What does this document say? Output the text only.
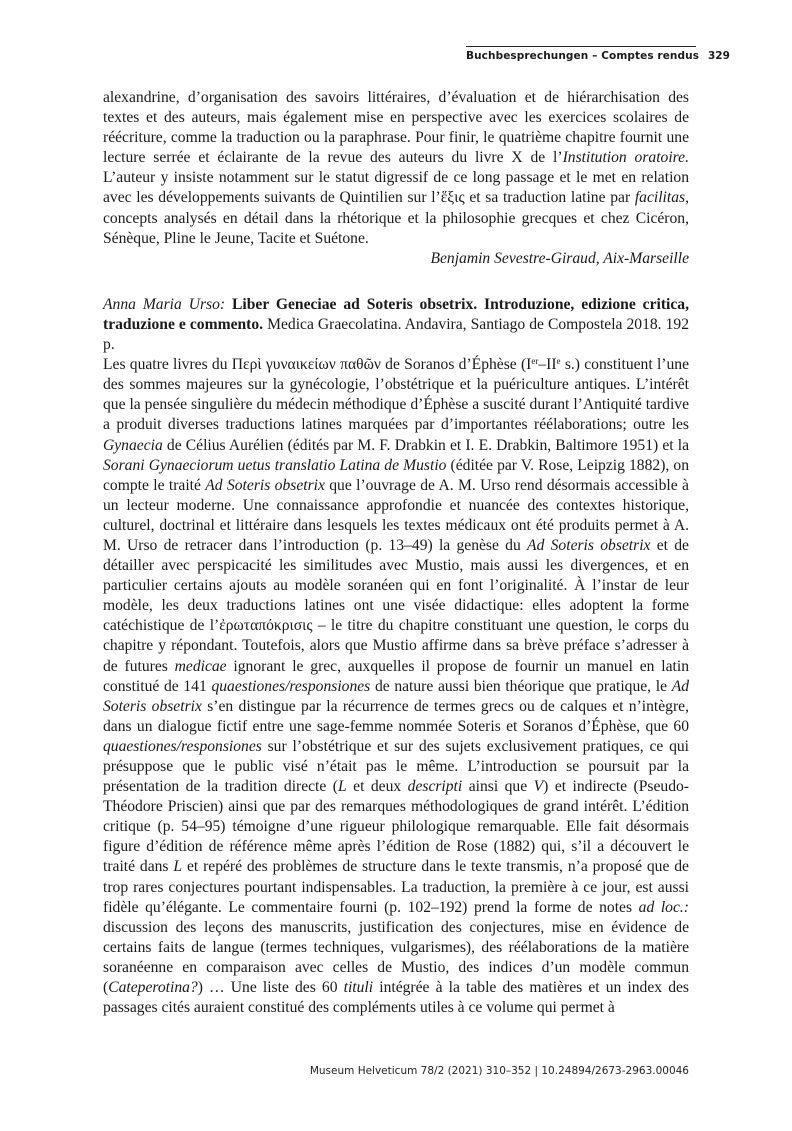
Buchbesprechungen – Comptes rendus 329

alexandrine, d’organisation des savoirs littéraires, d’évaluation et de hiérarchisation des textes et des auteurs, mais également mise en perspective avec les exercices scolaires de réécriture, comme la traduction ou la paraphrase. Pour finir, le quatrième chapitre fournit une lecture serrée et éclairante de la revue des auteurs du livre X de l’Institution oratoire. L’auteur y insiste notamment sur le statut digressif de ce long passage et le met en relation avec les développements suivants de Quintilien sur l’ἕξις et sa traduction latine par facilitas, concepts analysés en détail dans la rhétorique et la philosophie grecques et chez Cicéron, Sénèque, Pline le Jeune, Tacite et Suétone.

Benjamin Sevestre-Giraud, Aix-Marseille

Anna Maria Urso: Liber Geneciae ad Soteris obsetrix. Introduzione, edizione critica, traduzione e commento. Medica Graecolatina. Andavira, Santiago de Compostela 2018. 192 p.

Les quatre livres du Περὶ γυναικείων παθῶν de Soranos d’Éphèse (Ier–IIe s.) constituent l’une des sommes majeures sur la gynécologie, l’obstétrique et la puériculture antiques. L’intérêt que la pensée singulière du médecin méthodique d’Éphèse a suscité durant l’Antiquité tardive a produit diverses traductions latines marquées par d’importantes réélaborations; outre les Gynaecia de Célius Aurélien (édités par M. F. Drabkin et I. E. Drabkin, Baltimore 1951) et la Sorani Gynaeciorum uetus translatio Latina de Mustio (éditée par V. Rose, Leipzig 1882), on compte le traité Ad Soteris obsetrix que l’ouvrage de A. M. Urso rend désormais accessible à un lecteur moderne. Une connaissance approfondie et nuancée des contextes historique, culturel, doctrinal et littéraire dans lesquels les textes médicaux ont été produits permet à A. M. Urso de retracer dans l’introduction (p. 13–49) la genèse du Ad Soteris obsetrix et de détailler avec perspicacité les similitudes avec Mustio, mais aussi les divergences, et en particulier certains ajouts au modèle soranéen qui en font l’originalité. À l’instar de leur modèle, les deux traductions latines ont une visée didactique: elles adoptent la forme catéchistique de l’ἐρωταπόκρισις – le titre du chapitre constituant une question, le corps du chapitre y répondant. Toutefois, alors que Mustio affirme dans sa brève préface s’adresser à de futures medicae ignorant le grec, auxquelles il propose de fournir un manuel en latin constitué de 141 quaestiones/responsiones de nature aussi bien théorique que pratique, le Ad Soteris obsetrix s’en distingue par la récurrence de termes grecs ou de calques et n’intègre, dans un dialogue fictif entre une sage-femme nommée Soteris et Soranos d’Éphèse, que 60 quaestiones/responsiones sur l’obstétrique et sur des sujets exclusivement pratiques, ce qui présuppose que le public visé n’était pas le même. L’introduction se poursuit par la présentation de la tradition directe (L et deux descripti ainsi que V) et indirecte (Pseudo-Théodore Priscien) ainsi que par des remarques méthodologiques de grand intérêt. L’édition critique (p. 54–95) témoigne d’une rigueur philologique remarquable. Elle fait désormais figure d’édition de référence même après l’édition de Rose (1882) qui, s’il a découvert le traité dans L et repéré des problèmes de structure dans le texte transmis, n’a proposé que de trop rares conjectures pourtant indispensables. La traduction, la première à ce jour, est aussi fidèle qu’élégante. Le commentaire fourni (p. 102–192) prend la forme de notes ad loc.: discussion des leçons des manuscrits, justification des conjectures, mise en évidence de certains faits de langue (termes techniques, vulgarismes), des réélaborations de la matière soranéenne en comparaison avec celles de Mustio, des indices d’un modèle commun (Cateperotina?) … Une liste des 60 tituli intégrée à la table des matières et un index des passages cités auraient constitué des compléments utiles à ce volume qui permet à

Museum Helveticum 78/2 (2021) 310–352 | 10.24894/2673-2963.00046
